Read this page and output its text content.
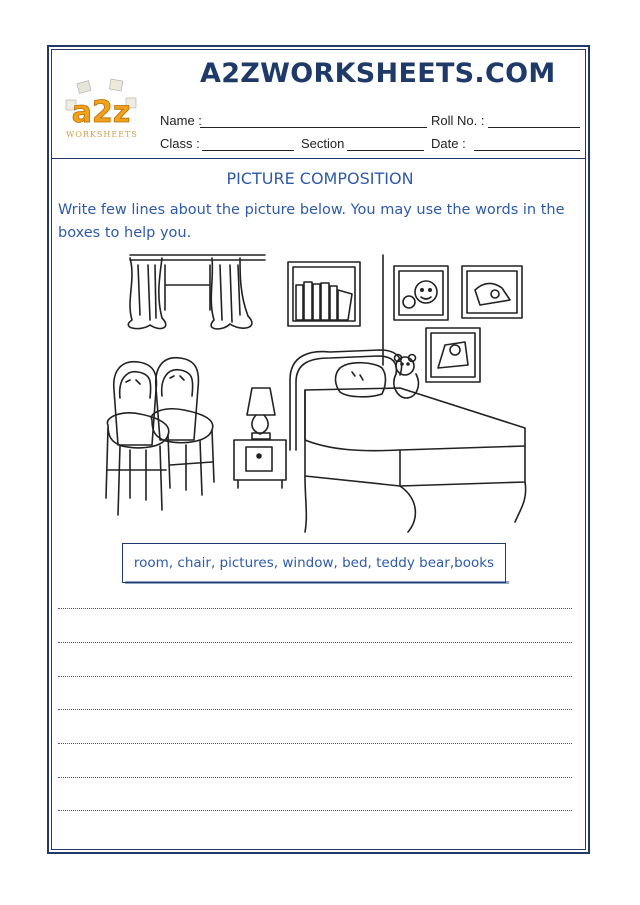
a2z
WORKSHEETS
A2ZWORKSHEETS.COM
Name :	Roll No. :
Class :	Section	Date :
PICTURE COMPOSITION
Write few lines about the picture below. You may use the words in the
boxes to help you.
room, chair, pictures, window, bed, teddy bear,books
